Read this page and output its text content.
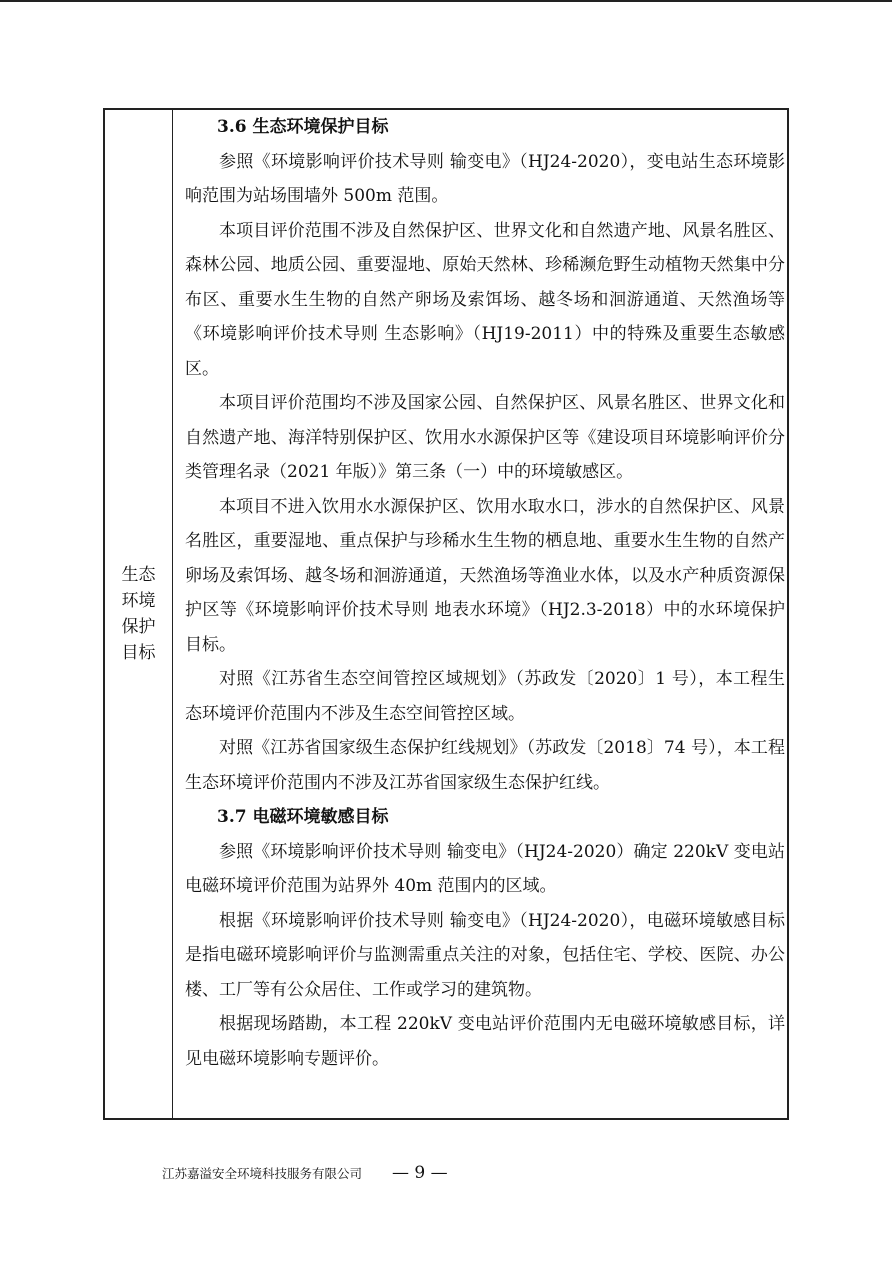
生态环境保护目标

3.6 生态环境保护目标

参照《环境影响评价技术导则 输变电》（HJ24-2020），变电站生态环境影响范围为站场围墙外 500m 范围。

本项目评价范围不涉及自然保护区、世界文化和自然遗产地、风景名胜区、森林公园、地质公园、重要湿地、原始天然林、珍稀濒危野生动植物天然集中分布区、重要水生生物的自然产卵场及索饵场、越冬场和洄游通道、天然渔场等《环境影响评价技术导则 生态影响》（HJ19-2011）中的特殊及重要生态敏感区。

本项目评价范围均不涉及国家公园、自然保护区、风景名胜区、世界文化和自然遗产地、海洋特别保护区、饮用水水源保护区等《建设项目环境影响评价分类管理名录（2021 年版）》第三条（一）中的环境敏感区。

本项目不进入饮用水水源保护区、饮用水取水口，涉水的自然保护区、风景名胜区，重要湿地、重点保护与珍稀水生生物的栖息地、重要水生生物的自然产卵场及索饵场、越冬场和洄游通道，天然渔场等渔业水体，以及水产种质资源保护区等《环境影响评价技术导则 地表水环境》（HJ2.3-2018）中的水环境保护目标。

对照《江苏省生态空间管控区域规划》（苏政发〔2020〕1 号），本工程生态环境评价范围内不涉及生态空间管控区域。

对照《江苏省国家级生态保护红线规划》（苏政发〔2018〕74 号），本工程生态环境评价范围内不涉及江苏省国家级生态保护红线。

3.7 电磁环境敏感目标

参照《环境影响评价技术导则 输变电》（HJ24-2020）确定 220kV 变电站电磁环境评价范围为站界外 40m 范围内的区域。

根据《环境影响评价技术导则 输变电》（HJ24-2020），电磁环境敏感目标是指电磁环境影响评价与监测需重点关注的对象，包括住宅、学校、医院、办公楼、工厂等有公众居住、工作或学习的建筑物。

根据现场踏勘，本工程 220kV 变电站评价范围内无电磁环境敏感目标，详见电磁环境影响专题评价。

江苏嘉溢安全环境科技服务有限公司 — 9 —
